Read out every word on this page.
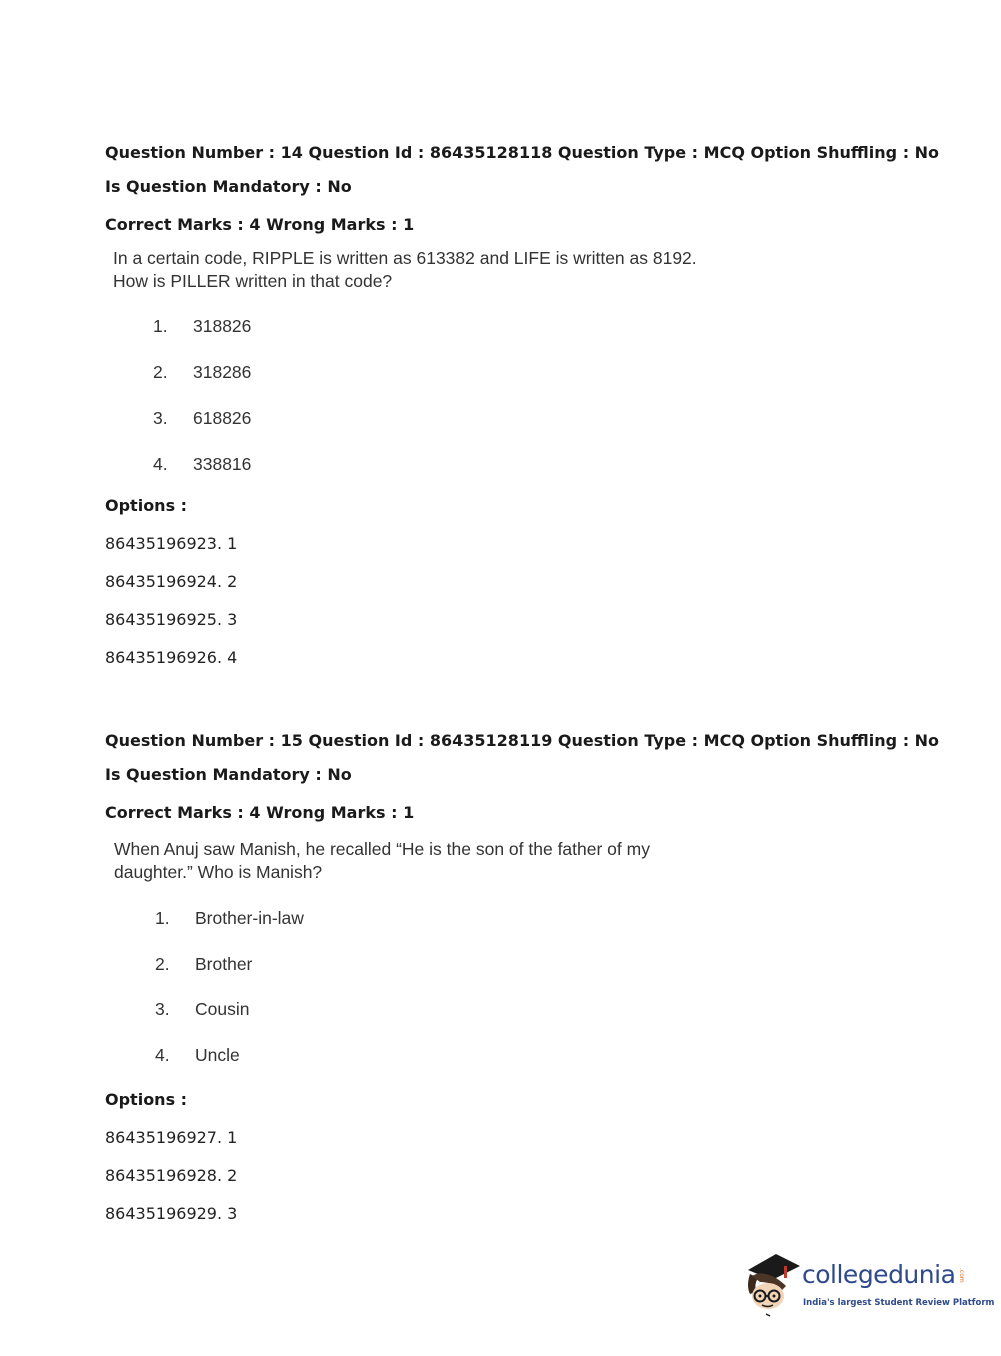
Question Number : 14 Question Id : 86435128118 Question Type : MCQ Option Shuffling : No
Is Question Mandatory : No
Correct Marks : 4 Wrong Marks : 1
In a certain code, RIPPLE is written as 613382 and LIFE is written as 8192.
How is PILLER written in that code?
1. 318826
2. 318286
3. 618826
4. 338816
Options :
86435196923. 1
86435196924. 2
86435196925. 3
86435196926. 4
Question Number : 15 Question Id : 86435128119 Question Type : MCQ Option Shuffling : No
Is Question Mandatory : No
Correct Marks : 4 Wrong Marks : 1
When Anuj saw Manish, he recalled “He is the son of the father of my
daughter.” Who is Manish?
1. Brother-in-law
2. Brother
3. Cousin
4. Uncle
Options :
86435196927. 1
86435196928. 2
86435196929. 3
collegedunia .com
India's largest Student Review Platform
